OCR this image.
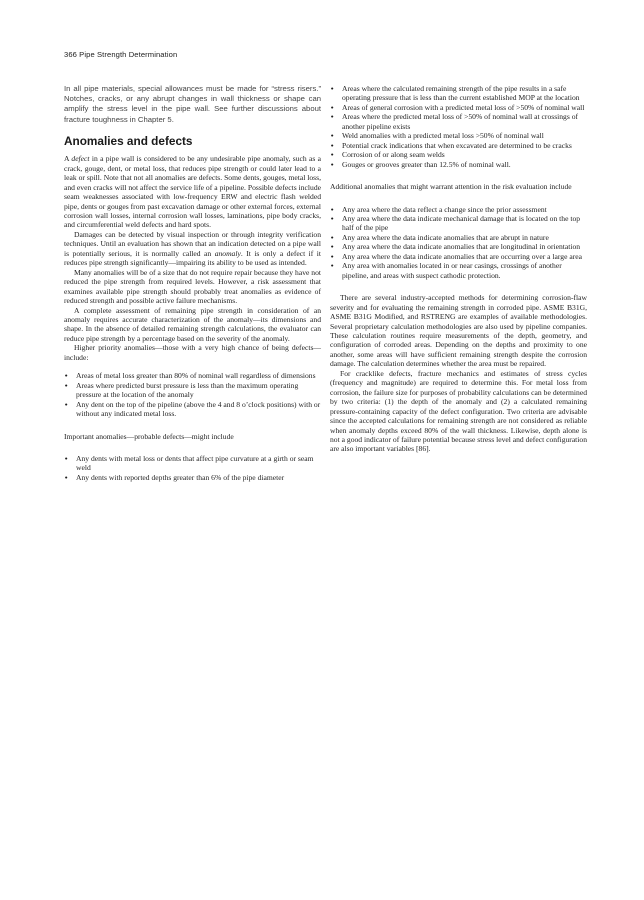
366 Pipe Strength Determination

In all pipe materials, special allowances must be made for “stress risers.” Notches, cracks, or any abrupt changes in wall thickness or shape can amplify the stress level in the pipe wall. See further discussions about fracture toughness in Chapter 5.

Anomalies and defects

A defect in a pipe wall is considered to be any undesirable pipe anomaly, such as a crack, gouge, dent, or metal loss, that reduces pipe strength or could later lead to a leak or spill. Note that not all anomalies are defects. Some dents, gouges, metal loss, and even cracks will not affect the service life of a pipeline. Possible defects include seam weaknesses associated with low-frequency ERW and electric flash welded pipe, dents or gouges from past excavation damage or other external forces, external corrosion wall losses, internal corrosion wall losses, laminations, pipe body cracks, and circumferential weld defects and hard spots.

Damages can be detected by visual inspection or through integrity verification techniques. Until an evaluation has shown that an indication detected on a pipe wall is potentially serious, it is normally called an anomaly. It is only a defect if it reduces pipe strength significantly—impairing its ability to be used as intended.

Many anomalies will be of a size that do not require repair because they have not reduced the pipe strength from required levels. However, a risk assessment that examines available pipe strength should probably treat anomalies as evidence of reduced strength and possible active failure mechanisms.

A complete assessment of remaining pipe strength in consideration of an anomaly requires accurate characterization of the anomaly—its dimensions and shape. In the absence of detailed remaining strength calculations, the evaluator can reduce pipe strength by a percentage based on the severity of the anomaly.

Higher priority anomalies—those with a very high chance of being defects—include:

• Areas of metal loss greater than 80% of nominal wall regardless of dimensions
• Areas where predicted burst pressure is less than the maximum operating pressure at the location of the anomaly
• Any dent on the top of the pipeline (above the 4 and 8 o’clock positions) with or without any indicated metal loss.

Important anomalies—probable defects—might include

• Any dents with metal loss or dents that affect pipe curvature at a girth or seam weld
• Any dents with reported depths greater than 6% of the pipe diameter
• Areas where the calculated remaining strength of the pipe results in a safe operating pressure that is less than the current established MOP at the location
• Areas of general corrosion with a predicted metal loss of >50% of nominal wall
• Areas where the predicted metal loss of >50% of nominal wall at crossings of another pipeline exists
• Weld anomalies with a predicted metal loss >50% of nominal wall
• Potential crack indications that when excavated are determined to be cracks
• Corrosion of or along seam welds
• Gouges or grooves greater than 12.5% of nominal wall.

Additional anomalies that might warrant attention in the risk evaluation include

• Any area where the data reflect a change since the prior assessment
• Any area where the data indicate mechanical damage that is located on the top half of the pipe
• Any area where the data indicate anomalies that are abrupt in nature
• Any area where the data indicate anomalies that are longitudinal in orientation
• Any area where the data indicate anomalies that are occurring over a large area
• Any area with anomalies located in or near casings, crossings of another pipeline, and areas with suspect cathodic protection.

There are several industry-accepted methods for determining corrosion-flaw severity and for evaluating the remaining strength in corroded pipe. ASME B31G, ASME B31G Modified, and RSTRENG are examples of available methodologies. Several proprietary calculation methodologies are also used by pipeline companies. These calculation routines require measurements of the depth, geometry, and configuration of corroded areas. Depending on the depths and proximity to one another, some areas will have sufficient remaining strength despite the corrosion damage. The calculation determines whether the area must be repaired.

For cracklike defects, fracture mechanics and estimates of stress cycles (frequency and magnitude) are required to determine this. For metal loss from corrosion, the failure size for purposes of probability calculations can be determined by two criteria: (1) the depth of the anomaly and (2) a calculated remaining pressure-containing capacity of the defect configuration. Two criteria are advisable since the accepted calculations for remaining strength are not considered as reliable when anomaly depths exceed 80% of the wall thickness. Likewise, depth alone is not a good indicator of failure potential because stress level and defect configuration are also important variables [86].
